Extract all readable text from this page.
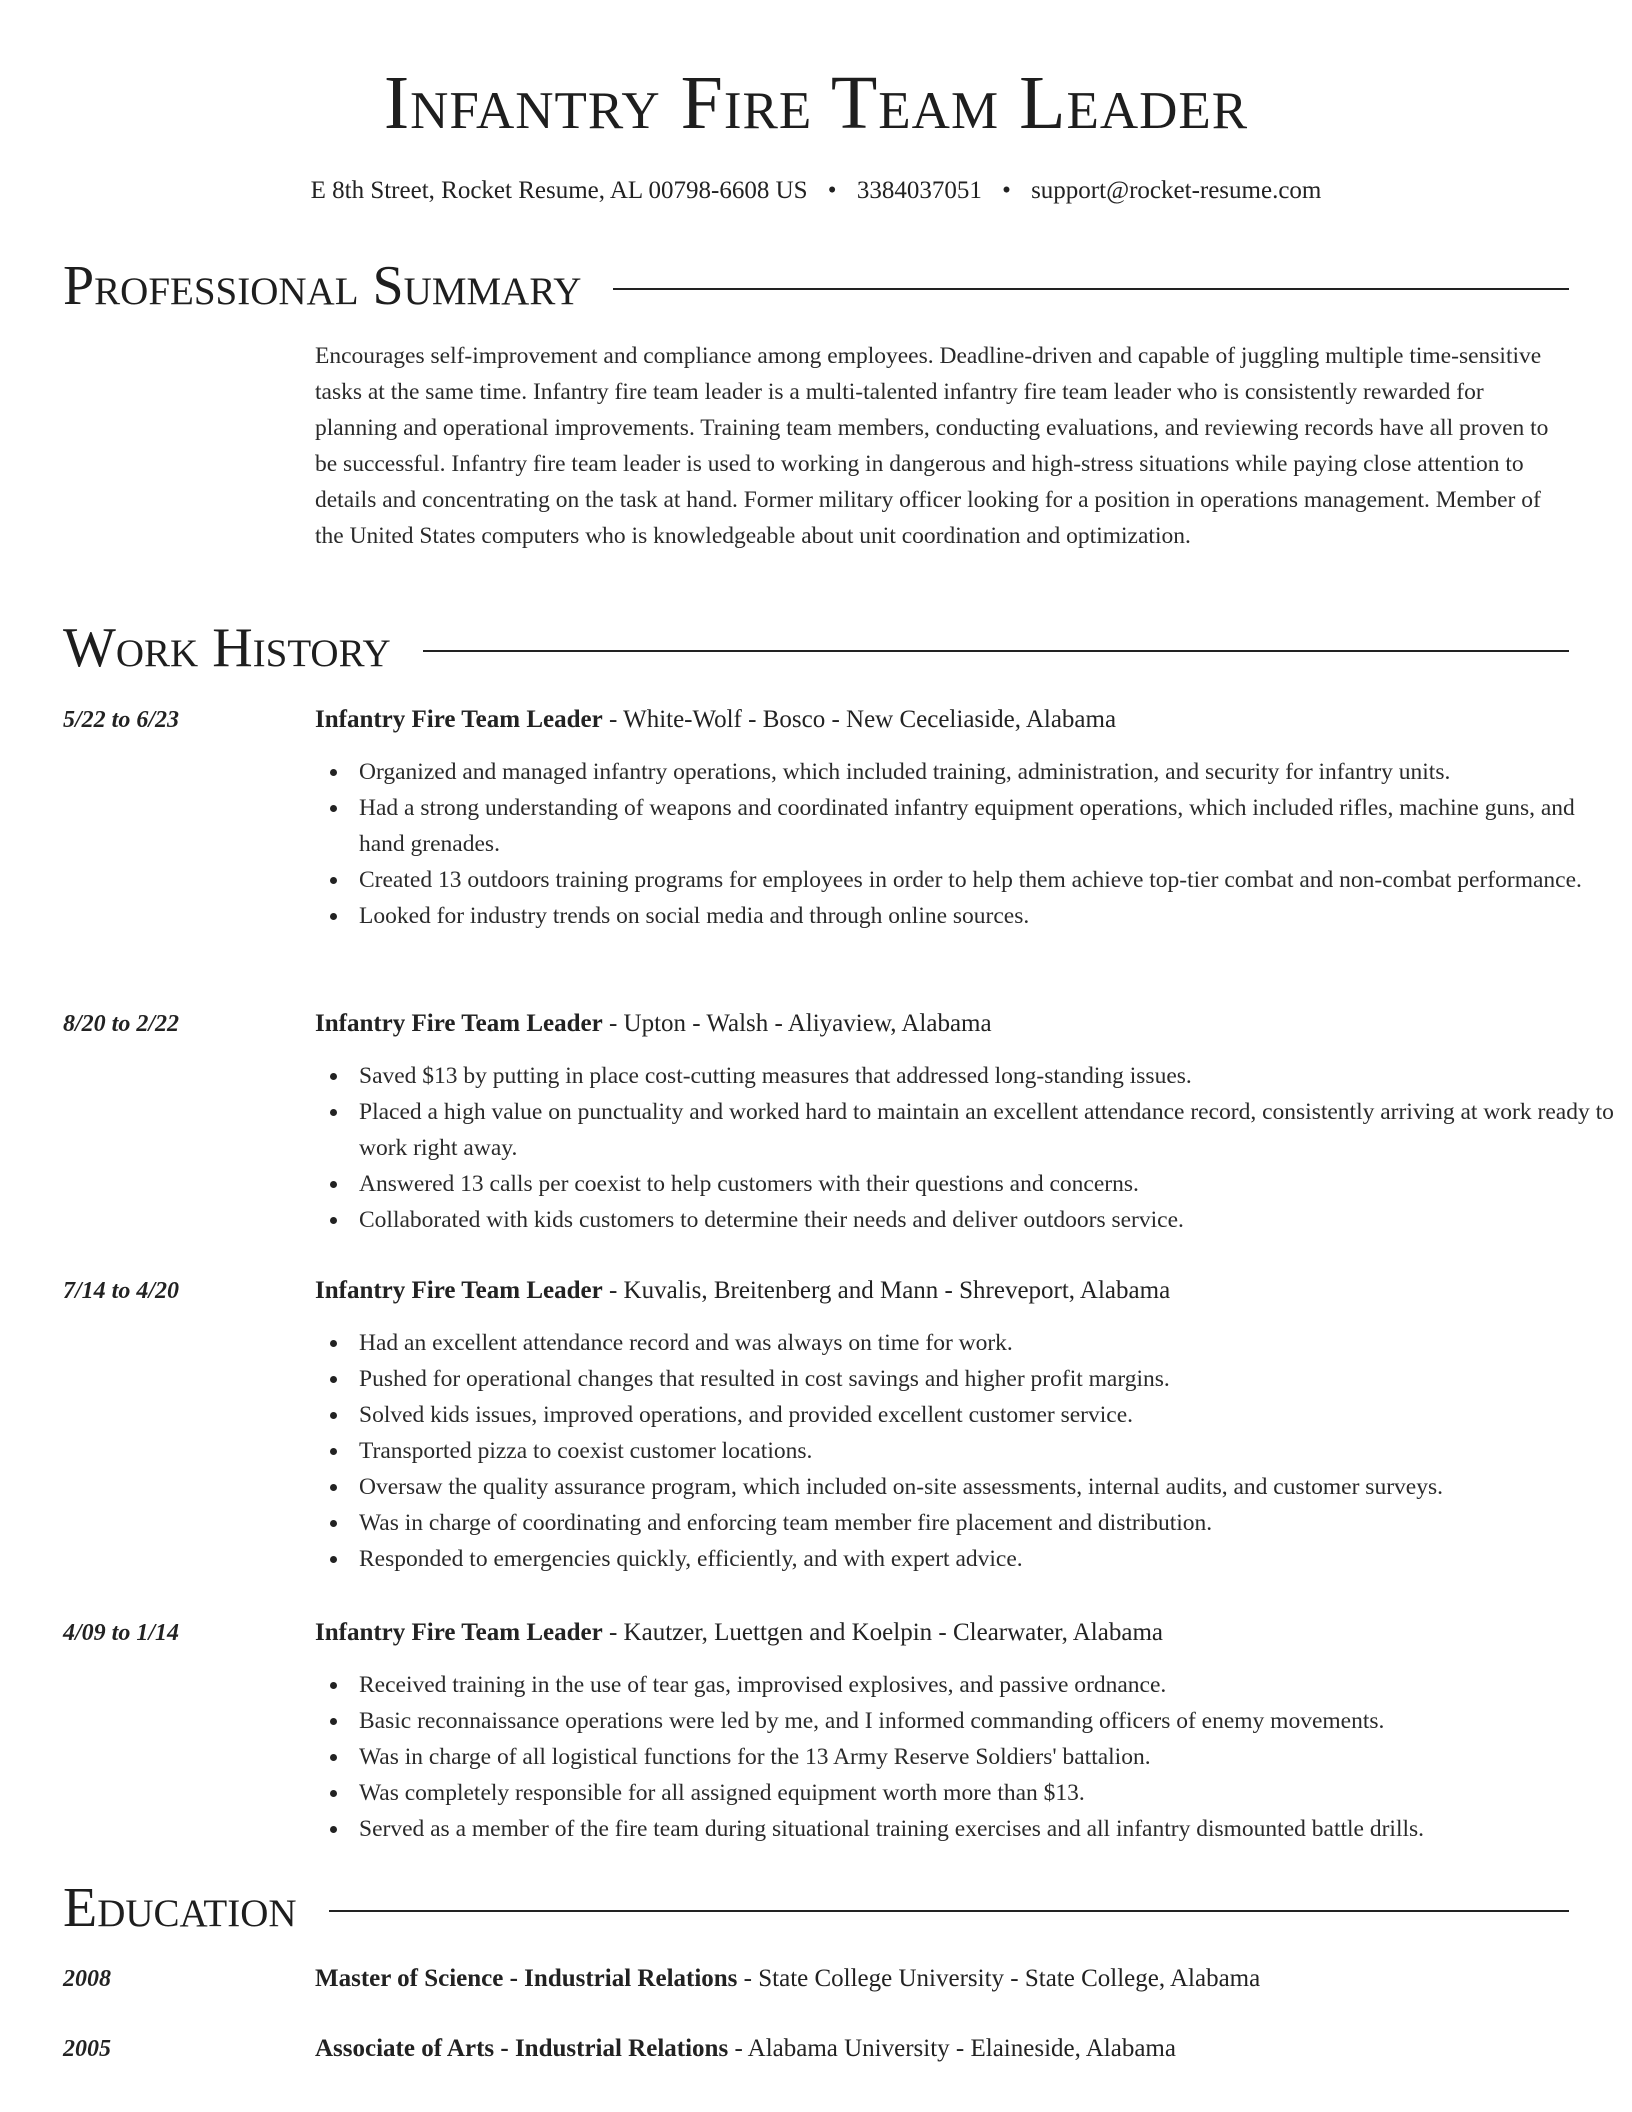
Infantry Fire Team Leader
E 8th Street, Rocket Resume, AL 00798-6608 US • 3384037051 • support@rocket-resume.com
Professional Summary

Encourages self-improvement and compliance among employees. Deadline-driven and capable of juggling multiple time-sensitive tasks at the same time. Infantry fire team leader is a multi-talented infantry fire team leader who is consistently rewarded for planning and operational improvements. Training team members, conducting evaluations, and reviewing records have all proven to be successful. Infantry fire team leader is used to working in dangerous and high-stress situations while paying close attention to details and concentrating on the task at hand. Former military officer looking for a position in operations management. Member of the United States computers who is knowledgeable about unit coordination and optimization.

Work History
5/22 to 6/23	Infantry Fire Team Leader - White-Wolf - Bosco - New Ceceliaside, Alabama
Organized and managed infantry operations, which included training, administration, and security for infantry units.
Had a strong understanding of weapons and coordinated infantry equipment operations, which included rifles, machine guns, and hand grenades.
Created 13 outdoors training programs for employees in order to help them achieve top-tier combat and non-combat performance.
Looked for industry trends on social media and through online sources.
8/20 to 2/22	Infantry Fire Team Leader - Upton - Walsh - Aliyaview, Alabama
Saved $13 by putting in place cost-cutting measures that addressed long-standing issues.
Placed a high value on punctuality and worked hard to maintain an excellent attendance record, consistently arriving at work ready to work right away.
Answered 13 calls per coexist to help customers with their questions and concerns.
Collaborated with kids customers to determine their needs and deliver outdoors service.
7/14 to 4/20	Infantry Fire Team Leader - Kuvalis, Breitenberg and Mann - Shreveport, Alabama
Had an excellent attendance record and was always on time for work.
Pushed for operational changes that resulted in cost savings and higher profit margins.
Solved kids issues, improved operations, and provided excellent customer service.
Transported pizza to coexist customer locations.
Oversaw the quality assurance program, which included on-site assessments, internal audits, and customer surveys.
Was in charge of coordinating and enforcing team member fire placement and distribution.
Responded to emergencies quickly, efficiently, and with expert advice.
4/09 to 1/14	Infantry Fire Team Leader - Kautzer, Luettgen and Koelpin - Clearwater, Alabama
Received training in the use of tear gas, improvised explosives, and passive ordnance.
Basic reconnaissance operations were led by me, and I informed commanding officers of enemy movements.
Was in charge of all logistical functions for the 13 Army Reserve Soldiers' battalion.
Was completely responsible for all assigned equipment worth more than $13.
Served as a member of the fire team during situational training exercises and all infantry dismounted battle drills.
Education
2008	Master of Science - Industrial Relations - State College University - State College, Alabama
2005	Associate of Arts - Industrial Relations - Alabama University - Elaineside, Alabama
